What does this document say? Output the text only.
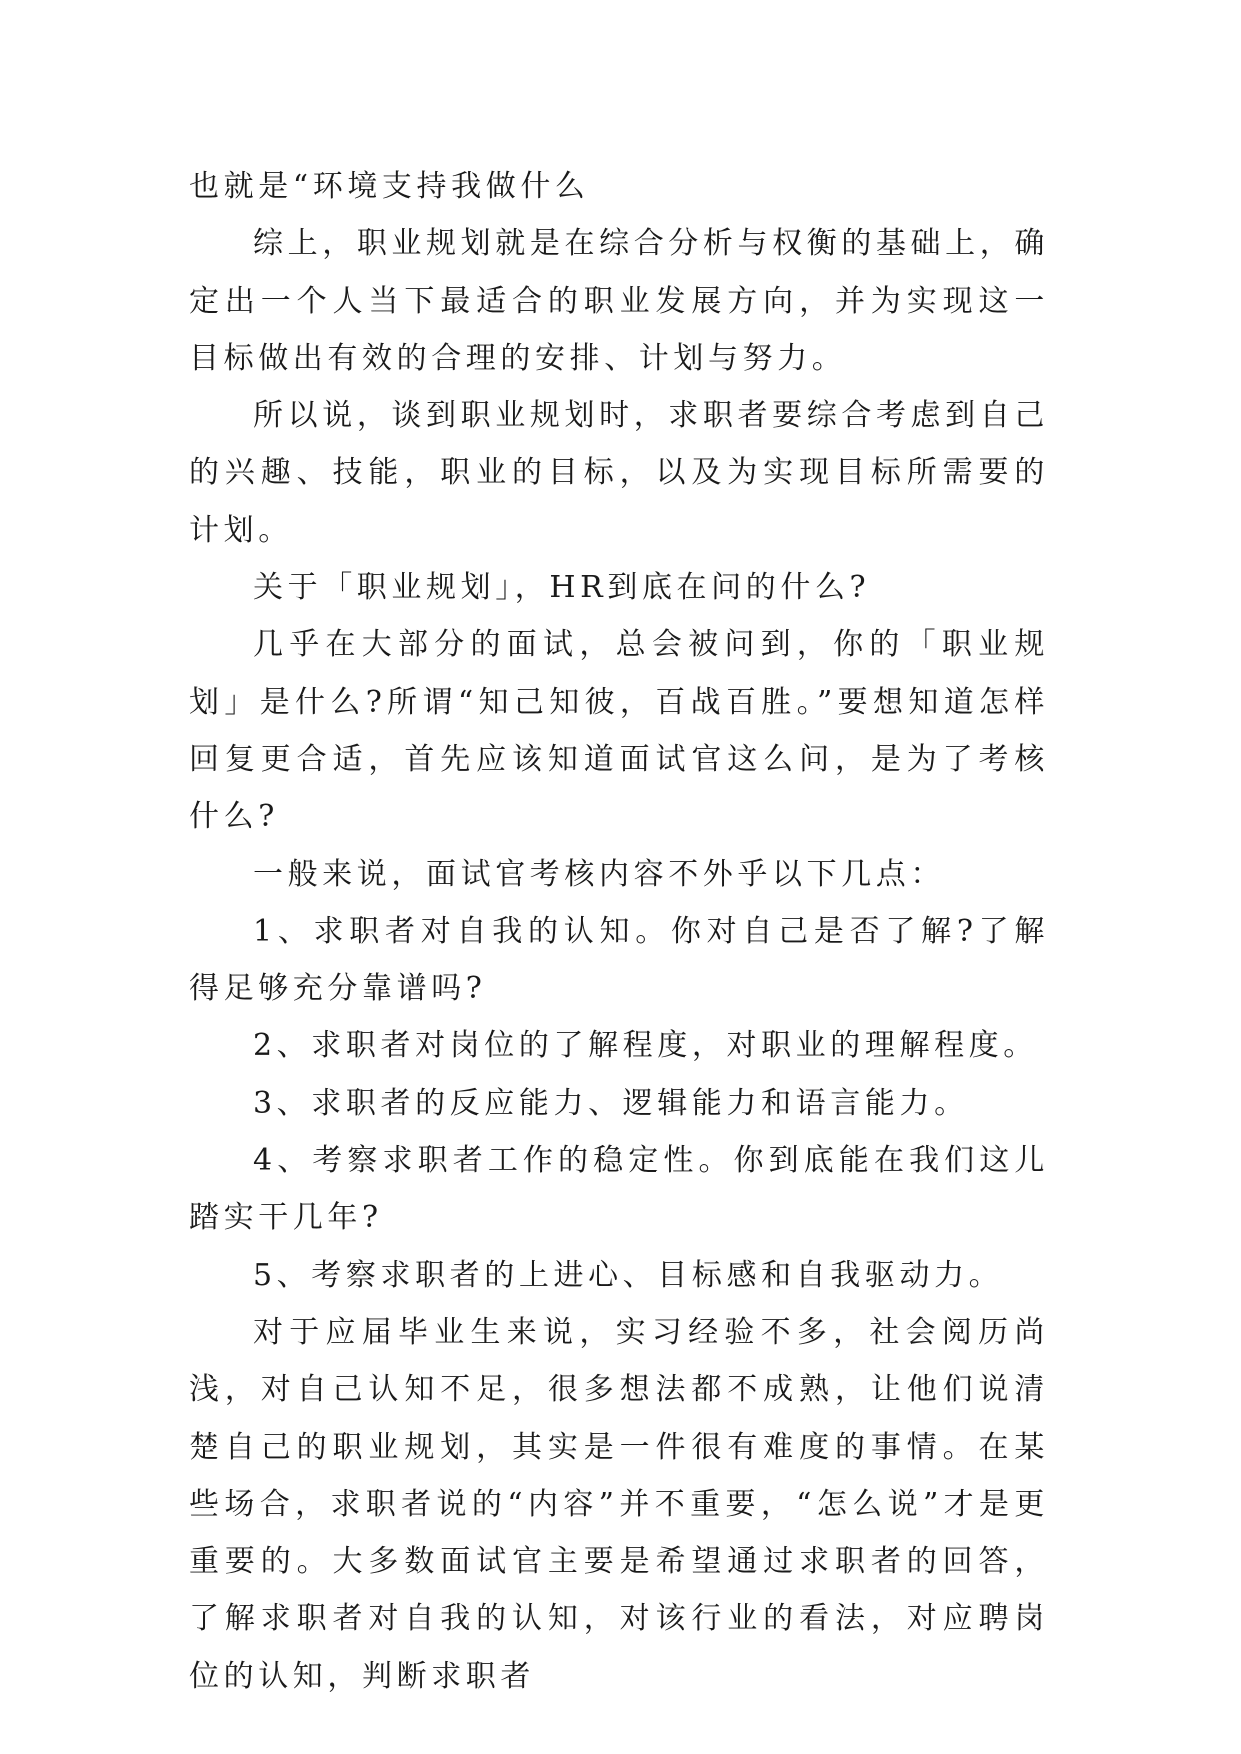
也就是“环境支持我做什么

综上，职业规划就是在综合分析与权衡的基础上，确定出一个人当下最适合的职业发展方向，并为实现这一目标做出有效的合理的安排、计划与努力。

所以说，谈到职业规划时，求职者要综合考虑到自己的兴趣、技能，职业的目标，以及为实现目标所需要的计划。

关于「职业规划」，HR到底在问的什么?

几乎在大部分的面试，总会被问到，你的「职业规划」是什么?所谓“知己知彼，百战百胜。”要想知道怎样回复更合适，首先应该知道面试官这么问，是为了考核什么?

一般来说，面试官考核内容不外乎以下几点：

1、求职者对自我的认知。你对自己是否了解?了解得足够充分靠谱吗?

2、求职者对岗位的了解程度，对职业的理解程度。

3、求职者的反应能力、逻辑能力和语言能力。

4、考察求职者工作的稳定性。你到底能在我们这儿踏实干几年?

5、考察求职者的上进心、目标感和自我驱动力。

对于应届毕业生来说，实习经验不多，社会阅历尚浅，对自己认知不足，很多想法都不成熟，让他们说清楚自己的职业规划，其实是一件很有难度的事情。在某些场合，求职者说的“内容”并不重要，“怎么说”才是更重要的。大多数面试官主要是希望通过求职者的回答，了解求职者对自我的认知，对该行业的看法，对应聘岗位的认知，判断求职者
